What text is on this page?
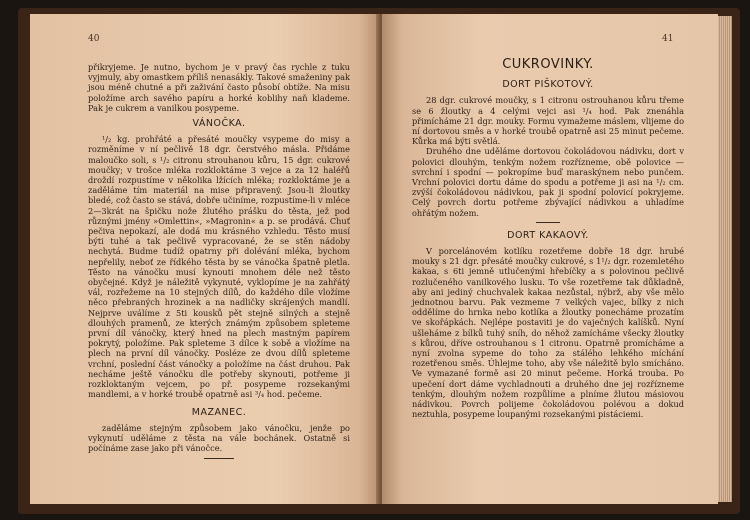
40

přikryjeme. Je nutno, bychom je v pravý čas rychle z tuku vyjmuly, aby omastkem příliš nenasákly. Takové smaženiny pak jsou méně chutné a při zaživání často působí obtíže. Na misu položíme arch savého papíru a horké koblihy naň klademe. Pak je cukrem a vanilkou posypeme.

VÁNOČKA.

¹/₂ kg. prohřáté a přesáté moučky vsypeme do misy a rozměníme v ní pečlivě 18 dgr. čerstvého másla. Přidáme maloučko soli, s ¹/₂ citronu strouhanou kůru, 15 dgr. cukrové moučky; v trošce mléka rozkloktáme 3 vejce a za 12 haléřů droždí rozpustíme v několika lžících mléka; rozkloktáme je a zaděláme tím materiál na mise připravený. Jsou-li žloutky bledé, což často se stává, dobře učiníme, rozpustíme-li v mléce 2—3krát na špičku nože žlutého prášku do těsta, jež pod různými jmény »Omlettin«, »Magronin« a p. se prodává. Chuť pečiva nepokazí, ale dodá mu krásného vzhledu. Těsto musí býti tuhé a tak pečlivě vypracované, že se stěn nádoby nechytá. Budme tudíž opatrny při dolévání mléka, bychom nepřelily, neboť ze řídkého těsta by se vánočka špatně pletla. Těsto na vánočku musí kynouti mnohem déle než těsto obyčejné. Když je náležitě vykynuté, vyklopíme je na zahřátý vál, rozřežeme na 10 stejných dílů, do každého díle vložíme něco přebraných hrozinek a na nadličky skrájených mandlí. Nejprve uválíme z 5ti kousků pět stejně silných a stejně dlouhých pramenů, ze kterých známým způsobem spleteme první díl vánočky, který hned na plech mastným papírem pokrytý, položíme. Pak spleteme 3 dílce k sobě a vložíme na plech na první díl vánočky. Posléze ze dvou dílů spleteme vrchní, poslední část vánočky a položíme na část druhou. Pak necháme ještě vánočku dle potřeby skynouti, potřeme ji rozkloktaným vejcem, po př. posypeme rozsekanými mandlemi, a v horké troubě opatrně asi ³/₄ hod. pečeme.

MAZANEC.

zaděláme stejným způsobem jako vánočku, jenže po vykynutí uděláme z těsta na vále bochánek. Ostatně si počínáme zase jako při vánočce.

41
CUKROVINKY.
DORT PIŠKOTOVÝ.

28 dgr. cukrové moučky, s 1 citronu ostrouhanou kůru třeme se 6 žloutky a 4 celými vejci asi ¹/₄ hod. Pak znenáhla přimícháme 21 dgr. mouky. Formu vymažeme máslem, vlijeme do ní dortovou směs a v horké troubě opatrně asi 25 minut pečeme. Kůrka má býti světlá.

Druhého dne uděláme dortovou čokoládovou nádivku, dort v polovici dlouhým, tenkým nožem rozřízneme, obě polovice — svrchní i spodní — pokropíme buď maraskýnem nebo punčem. Vrchní polovici dortu dáme do spodu a potřeme ji asi na ¹/₂ cm. zvýší čokoládovou nádivkou, pak ji spodní polovicí pokryjeme. Celý povrch dortu potřeme zbývající nádivkou a uhladíme ohřátým nožem.

DORT KAKAOVÝ.

V porcelánovém kotlíku rozetřeme dobře 18 dgr. hrubé mouky s 21 dgr. přesáté moučky cukrové, s 1¹/₂ dgr. rozemletého kakaa, s 6ti jemně utlučenými hřebíčky a s polovinou pečlivě rozlučeného vanilkového lusku. To vše rozetřeme tak důkladně, aby ani jediný chuchvalek kakaa nezůstal, nýbrž, aby vše mělo jednotnou barvu. Pak vezmeme 7 velkých vajec, bílky z nich oddělíme do hrnka nebo kotlíka a žloutky ponecháme prozatím ve skořápkách. Nejlépe postaviti je do vaječných kalíšků. Nyní ušleháme z bílků tuhý sníh, do něhož zamícháme všecky žloutky s kůrou, dříve ostrouhanou s 1 citronu. Opatrně promícháme a nyní zvolna sypeme do toho za stálého lehkého míchání rozetřenou směs. Úhlejme toho, aby vše náležitě bylo smícháno. Ve vymazané formě asi 20 minut pečeme. Horká trouba. Po upečení dort dáme vychladnouti a druhého dne jej rozřízneme tenkým, dlouhým nožem rozpůlíme a plníme žlutou másiovou nádivkou. Povrch polijeme čokoládovou polévou a dokud neztuhla, posypeme loupanými rozsekanými pistáciemi.
